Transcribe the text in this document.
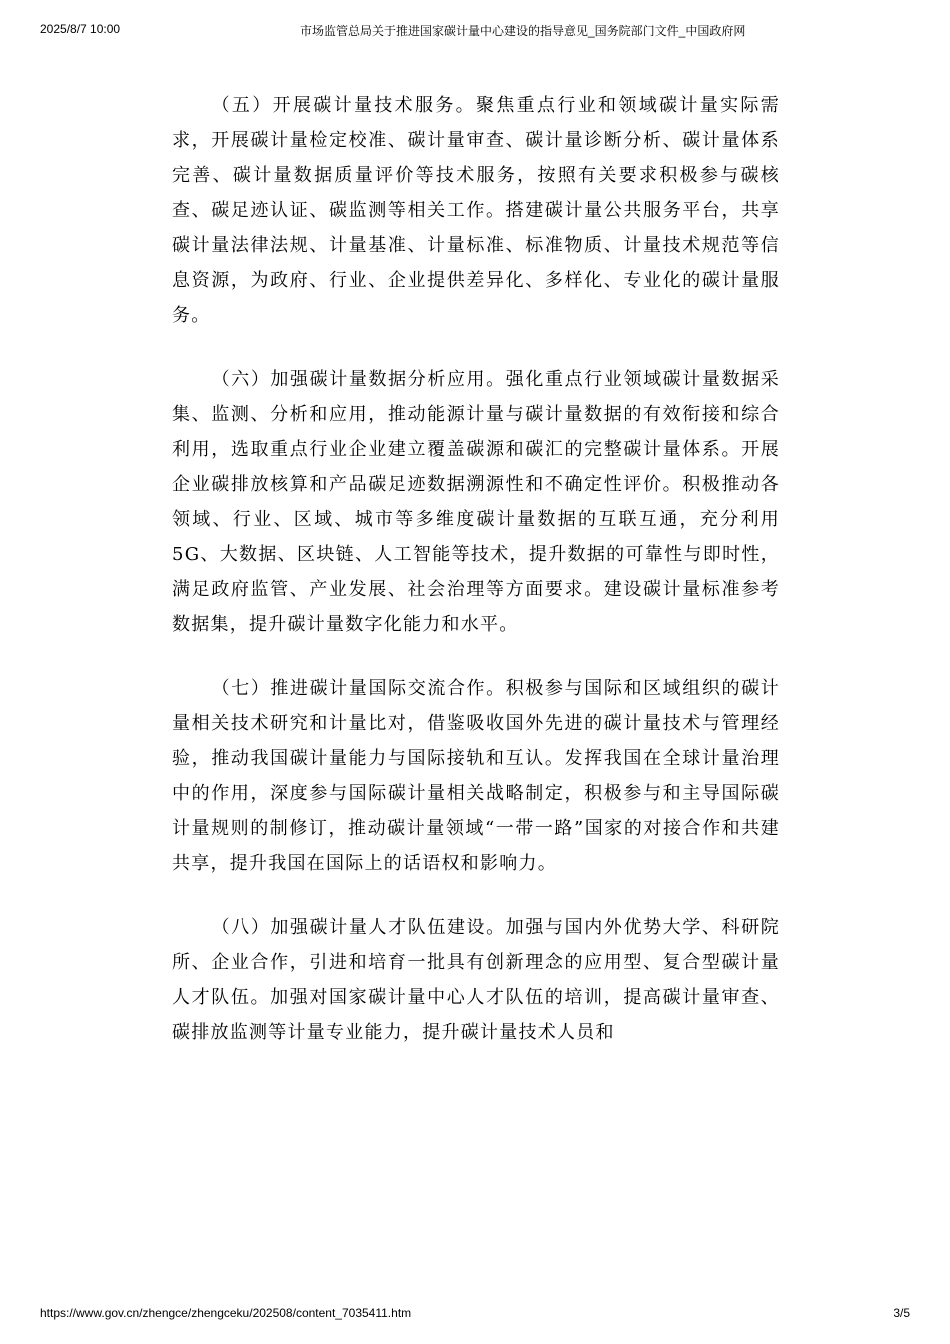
2025/8/7 10:00	市场监管总局关于推进国家碳计量中心建设的指导意见_国务院部门文件_中国政府网

（五）开展碳计量技术服务。聚焦重点行业和领域碳计量实际需求，开展碳计量检定校准、碳计量审查、碳计量诊断分析、碳计量体系完善、碳计量数据质量评价等技术服务，按照有关要求积极参与碳核查、碳足迹认证、碳监测等相关工作。搭建碳计量公共服务平台，共享碳计量法律法规、计量基准、计量标准、标准物质、计量技术规范等信息资源，为政府、行业、企业提供差异化、多样化、专业化的碳计量服务。

（六）加强碳计量数据分析应用。强化重点行业领域碳计量数据采集、监测、分析和应用，推动能源计量与碳计量数据的有效衔接和综合利用，选取重点行业企业建立覆盖碳源和碳汇的完整碳计量体系。开展企业碳排放核算和产品碳足迹数据溯源性和不确定性评价。积极推动各领域、行业、区域、城市等多维度碳计量数据的互联互通，充分利用5G、大数据、区块链、人工智能等技术，提升数据的可靠性与即时性，满足政府监管、产业发展、社会治理等方面要求。建设碳计量标准参考数据集，提升碳计量数字化能力和水平。

（七）推进碳计量国际交流合作。积极参与国际和区域组织的碳计量相关技术研究和计量比对，借鉴吸收国外先进的碳计量技术与管理经验，推动我国碳计量能力与国际接轨和互认。发挥我国在全球计量治理中的作用，深度参与国际碳计量相关战略制定，积极参与和主导国际碳计量规则的制修订，推动碳计量领域“一带一路”国家的对接合作和共建共享，提升我国在国际上的话语权和影响力。

（八）加强碳计量人才队伍建设。加强与国内外优势大学、科研院所、企业合作，引进和培育一批具有创新理念的应用型、复合型碳计量人才队伍。加强对国家碳计量中心人才队伍的培训，提高碳计量审查、碳排放监测等计量专业能力，提升碳计量技术人员和

https://www.gov.cn/zhengce/zhengceku/202508/content_7035411.htm	3/5
